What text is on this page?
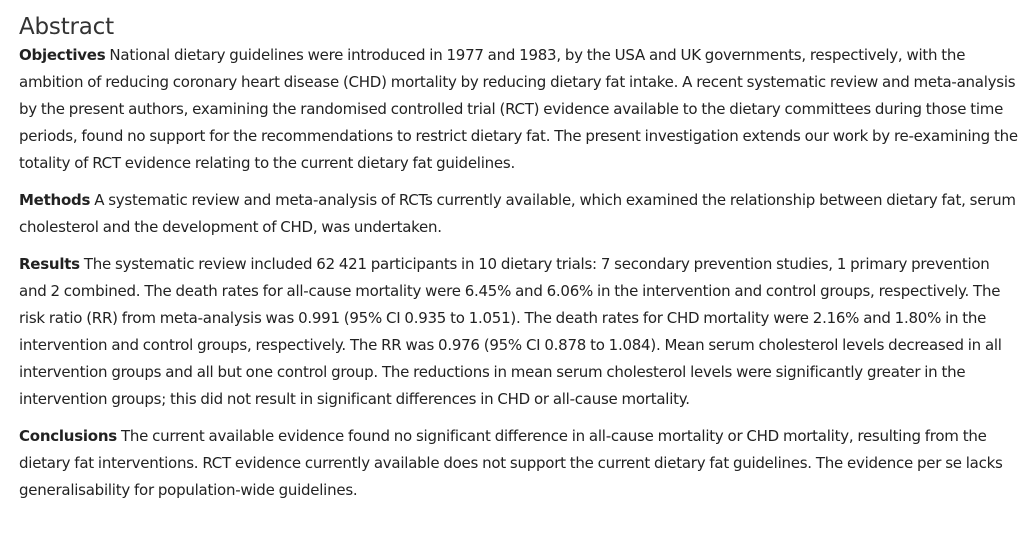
Abstract

Objectives National dietary guidelines were introduced in 1977 and 1983, by the USA and UK governments, respectively, with the ambition of reducing coronary heart disease (CHD) mortality by reducing dietary fat intake. A recent systematic review and meta-analysis by the present authors, examining the randomised controlled trial (RCT) evidence available to the dietary committees during those time periods, found no support for the recommendations to restrict dietary fat. The present investigation extends our work by re-examining the totality of RCT evidence relating to the current dietary fat guidelines.

Methods A systematic review and meta-analysis of RCTs currently available, which examined the relationship between dietary fat, serum cholesterol and the development of CHD, was undertaken.

Results The systematic review included 62 421 participants in 10 dietary trials: 7 secondary prevention studies, 1 primary prevention and 2 combined. The death rates for all-cause mortality were 6.45% and 6.06% in the intervention and control groups, respectively. The risk ratio (RR) from meta-analysis was 0.991 (95% CI 0.935 to 1.051). The death rates for CHD mortality were 2.16% and 1.80% in the intervention and control groups, respectively. The RR was 0.976 (95% CI 0.878 to 1.084). Mean serum cholesterol levels decreased in all intervention groups and all but one control group. The reductions in mean serum cholesterol levels were significantly greater in the intervention groups; this did not result in significant differences in CHD or all-cause mortality.

Conclusions The current available evidence found no significant difference in all-cause mortality or CHD mortality, resulting from the dietary fat interventions. RCT evidence currently available does not support the current dietary fat guidelines. The evidence per se lacks generalisability for population-wide guidelines.
